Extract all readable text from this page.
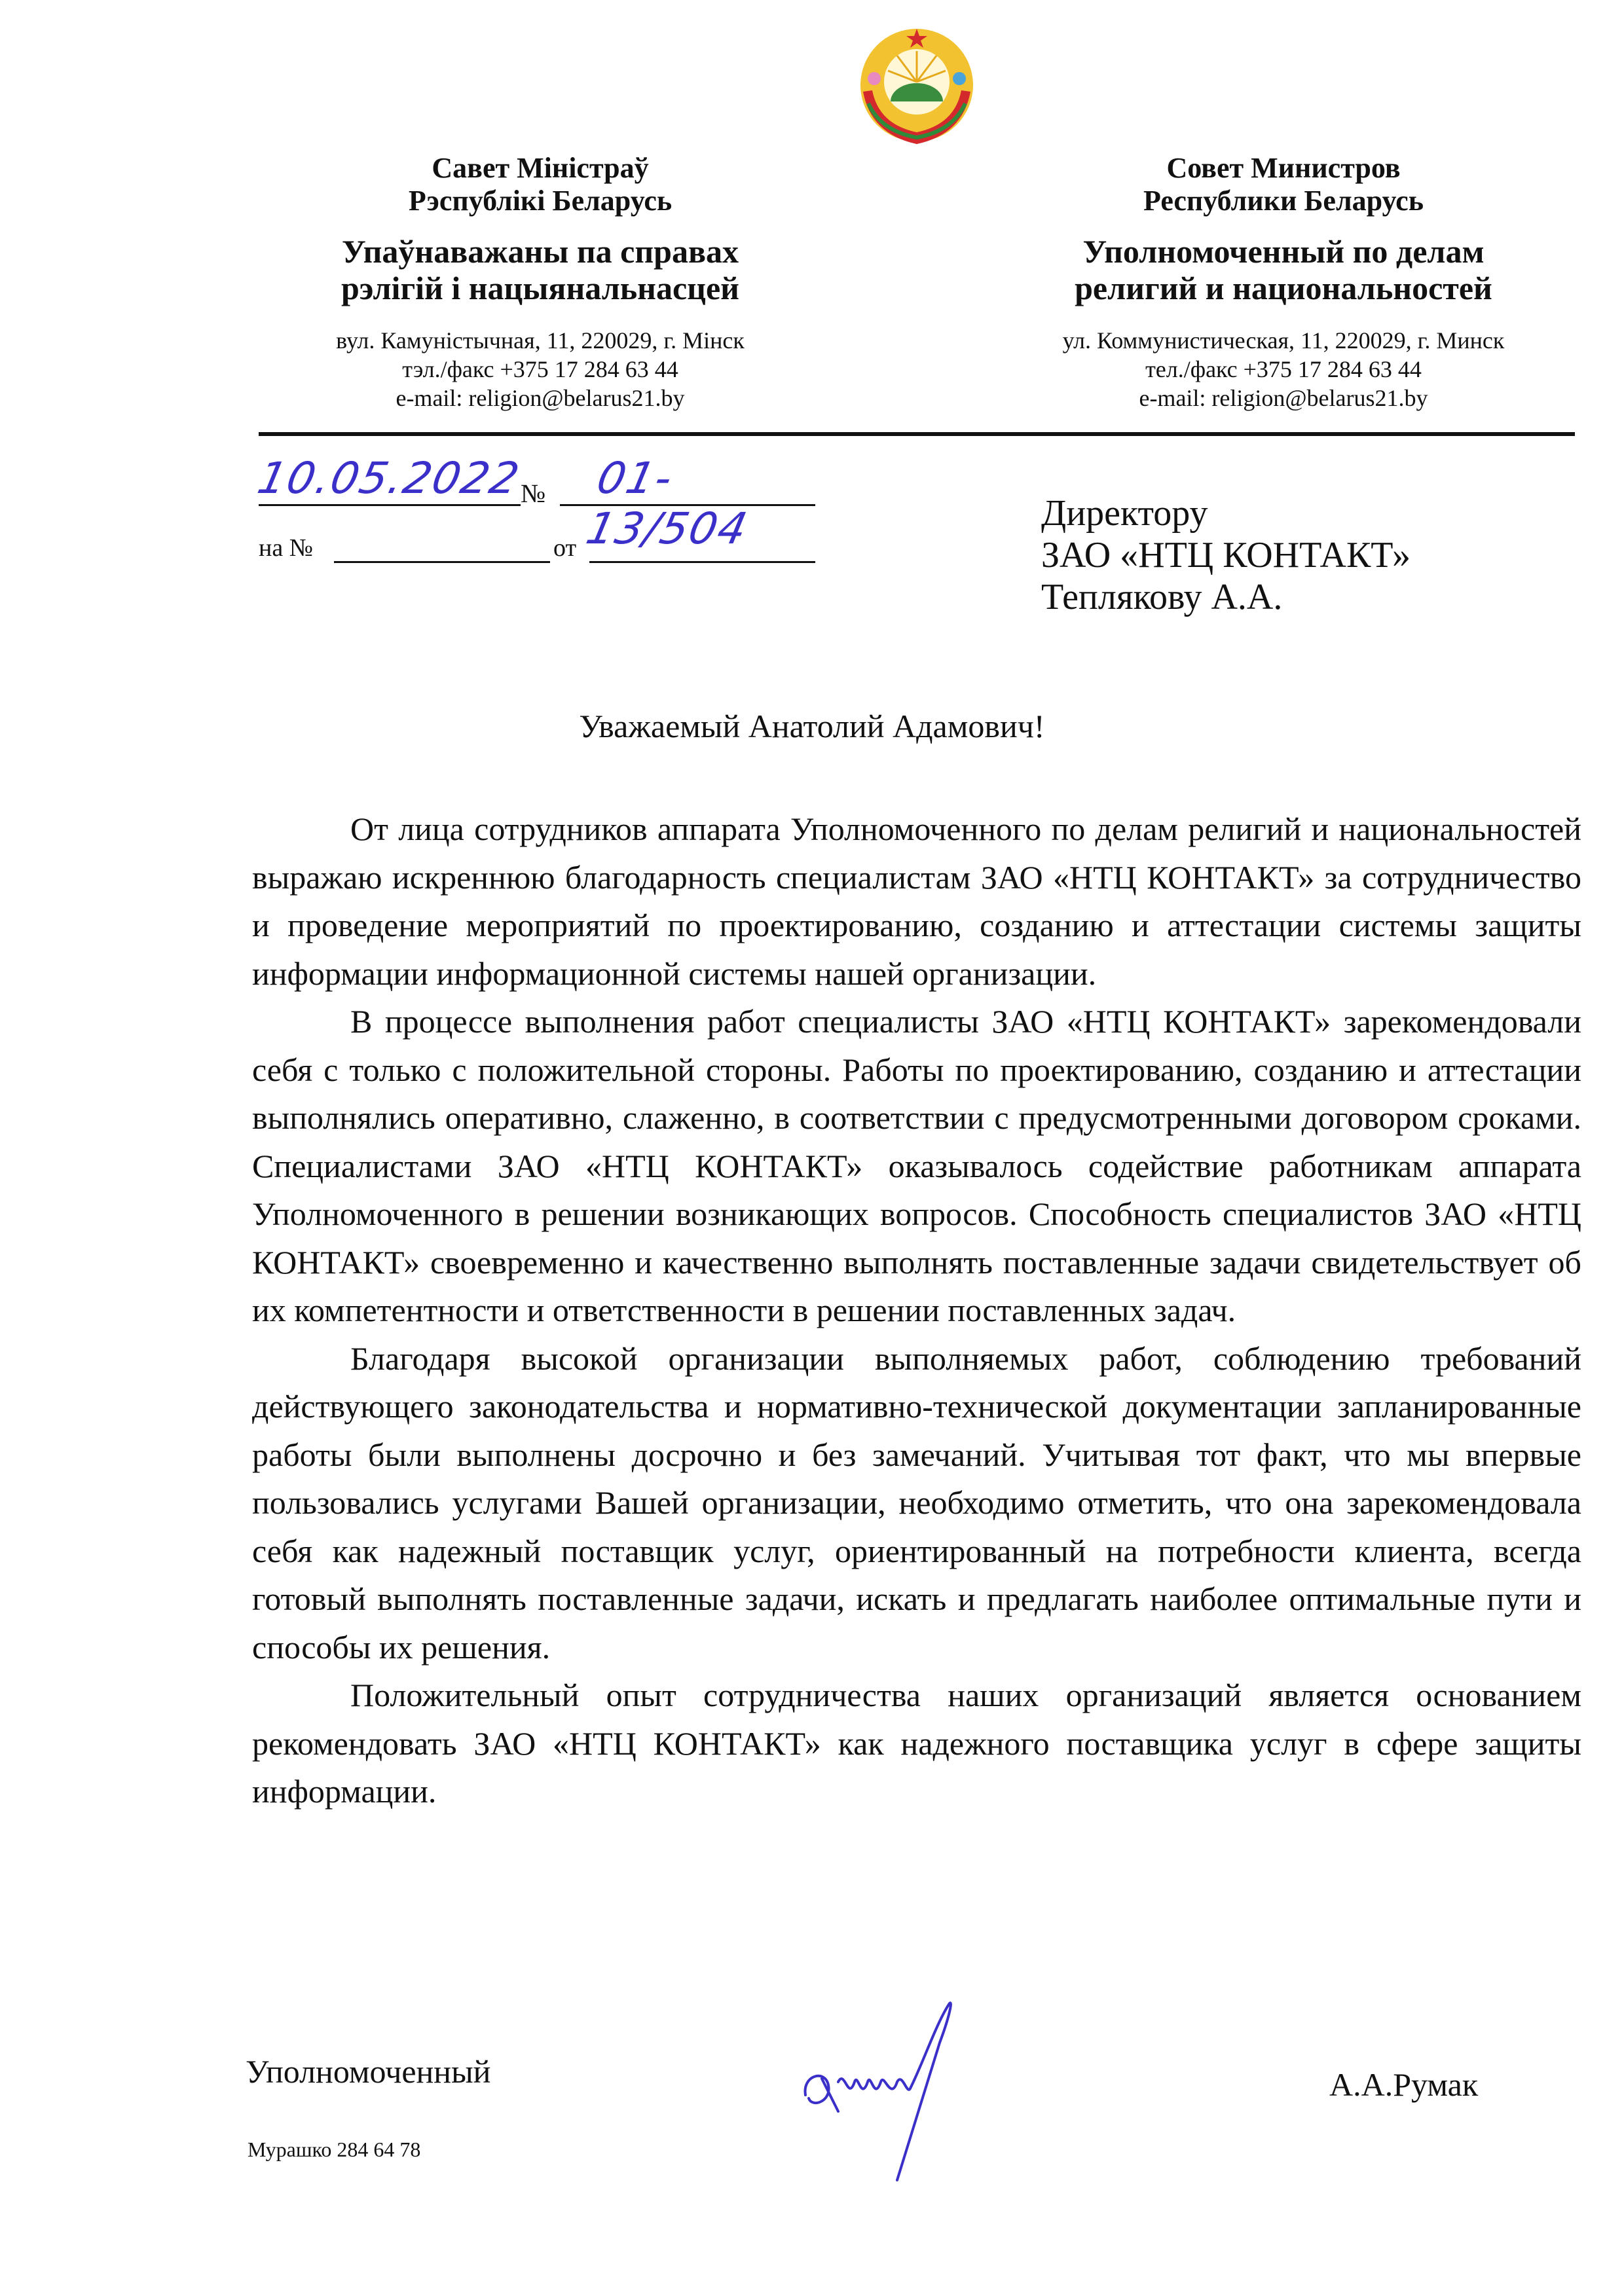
Савет Міністраў
Рэспублікі Беларусь
Упаўнаважаны па справах
рэлігій і нацыянальнасцей
вул. Камуністычная, 11, 220029, г. Мінск
тэл./факс +375 17 284 63 44
e-mail: religion@belarus21.by
Совет Министров
Республики Беларусь
Уполномоченный по делам
религий и национальностей
ул. Коммунистическая, 11, 220029, г. Минск
тел./факс +375 17 284 63 44
e-mail: religion@belarus21.by
10.05.2022
№ 01-13/504
на №	от
Директору
ЗАО «НТЦ КОНТАКТ»
Теплякову А.А.
Уважаемый Анатолий Адамович!

От лица сотрудников аппарата Уполномоченного по делам религий и национальностей выражаю искреннюю благодарность специалистам ЗАО «НТЦ КОНТАКТ» за сотрудничество и проведение мероприятий по проектированию, созданию и аттестации системы защиты информации информационной системы нашей организации.

В процессе выполнения работ специалисты ЗАО «НТЦ КОНТАКТ» зарекомендовали себя с только с положительной стороны. Работы по проектированию, созданию и аттестации выполнялись оперативно, слаженно, в соответствии с предусмотренными договором сроками. Специалистами ЗАО «НТЦ КОНТАКТ» оказывалось содействие работникам аппарата Уполномоченного в решении возникающих вопросов. Способность специалистов ЗАО «НТЦ КОНТАКТ» своевременно и качественно выполнять поставленные задачи свидетельствует об их компетентности и ответственности в решении поставленных задач.

Благодаря высокой организации выполняемых работ, соблюдению требований действующего законодательства и нормативно-технической документации запланированные работы были выполнены досрочно и без замечаний. Учитывая тот факт, что мы впервые пользовались услугами Вашей организации, необходимо отметить, что она зарекомендовала себя как надежный поставщик услуг, ориентированный на потребности клиента, всегда готовый выполнять поставленные задачи, искать и предлагать наиболее оптимальные пути и способы их решения.

Положительный опыт сотрудничества наших организаций является основанием рекомендовать ЗАО «НТЦ КОНТАКТ» как надежного поставщика услуг в сфере защиты информации.

Уполномоченный	А.А.Румак
Мурашко 284 64 78
